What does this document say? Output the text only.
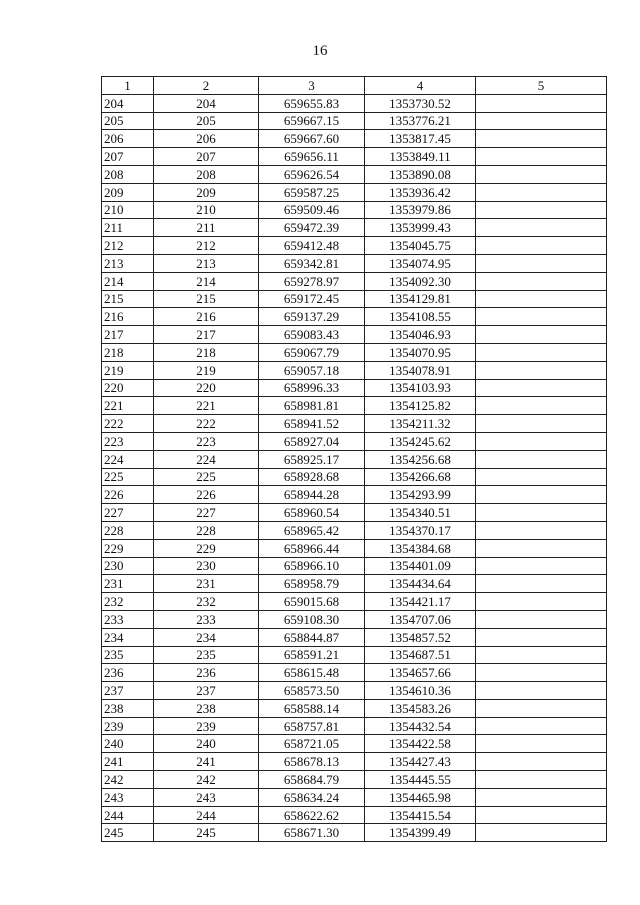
16
1	2	3	4	5
204	204	659655.83	1353730.52	
205	205	659667.15	1353776.21	
206	206	659667.60	1353817.45	
207	207	659656.11	1353849.11	
208	208	659626.54	1353890.08	
209	209	659587.25	1353936.42	
210	210	659509.46	1353979.86	
211	211	659472.39	1353999.43	
212	212	659412.48	1354045.75	
213	213	659342.81	1354074.95	
214	214	659278.97	1354092.30	
215	215	659172.45	1354129.81	
216	216	659137.29	1354108.55	
217	217	659083.43	1354046.93	
218	218	659067.79	1354070.95	
219	219	659057.18	1354078.91	
220	220	658996.33	1354103.93	
221	221	658981.81	1354125.82	
222	222	658941.52	1354211.32	
223	223	658927.04	1354245.62	
224	224	658925.17	1354256.68	
225	225	658928.68	1354266.68	
226	226	658944.28	1354293.99	
227	227	658960.54	1354340.51	
228	228	658965.42	1354370.17	
229	229	658966.44	1354384.68	
230	230	658966.10	1354401.09	
231	231	658958.79	1354434.64	
232	232	659015.68	1354421.17	
233	233	659108.30	1354707.06	
234	234	658844.87	1354857.52	
235	235	658591.21	1354687.51	
236	236	658615.48	1354657.66	
237	237	658573.50	1354610.36	
238	238	658588.14	1354583.26	
239	239	658757.81	1354432.54	
240	240	658721.05	1354422.58	
241	241	658678.13	1354427.43	
242	242	658684.79	1354445.55	
243	243	658634.24	1354465.98	
244	244	658622.62	1354415.54	
245	245	658671.30	1354399.49	
